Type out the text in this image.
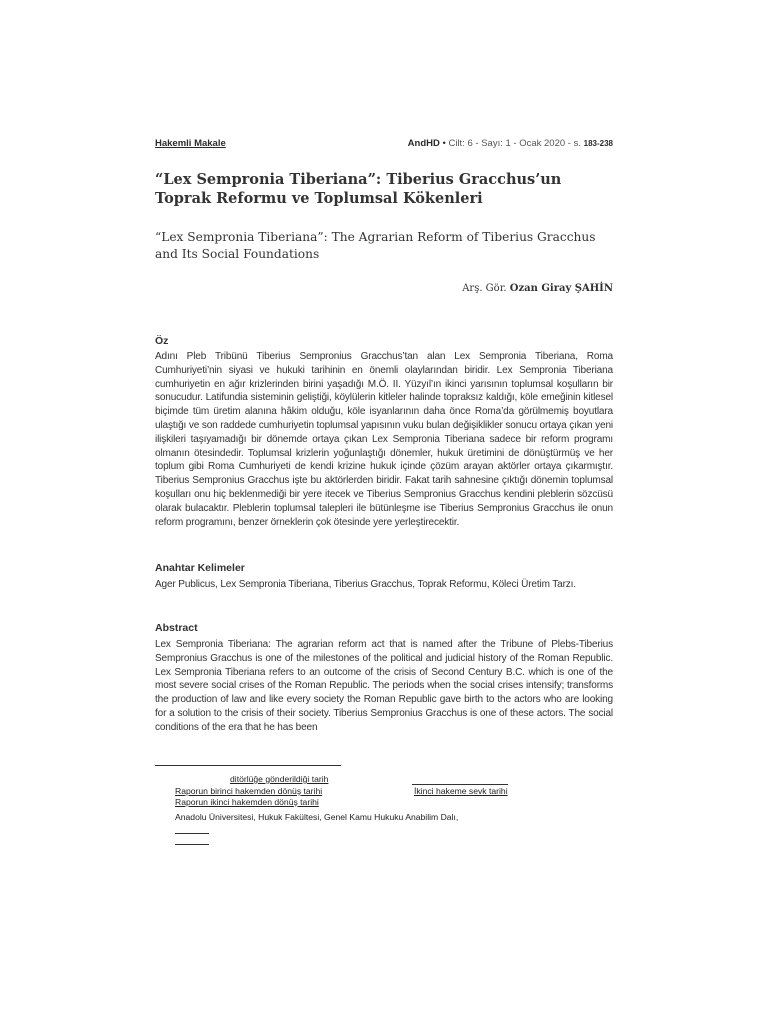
Hakemli Makale	AndHD • Cilt: 6 - Sayı: 1 - Ocak 2020 - s. 183-238
“Lex Sempronia Tiberiana”: Tiberius Gracchus’un Toprak Reformu ve Toplumsal Kökenleri
“Lex Sempronia Tiberiana”: The Agrarian Reform of Tiberius Gracchus and Its Social Foundations
Arş. Gör. Ozan Giray ŞAHİN
Öz
Adını Pleb Tribünü Tiberius Sempronius Gracchus’tan alan Lex Sempronia Tiberiana, Roma Cumhuriyeti’nin siyasi ve hukuki tarihinin en önemli olaylarından biridir. Lex Sempronia Tiberiana cumhuriyetin en ağır krizlerinden birini yaşadığı M.Ö. II. Yüzyıl’ın ikinci yarısının toplumsal koşulların bir sonucudur. Latifundia sisteminin geliştiği, köylülerin kitleler halinde topraksız kaldığı, köle emeğinin kitlesel biçimde tüm üretim alanına hâkim olduğu, köle isyanlarının daha önce Roma’da görülmemiş boyutlara ulaştığı ve son raddede cumhuriyetin toplumsal yapısının vuku bulan değişiklikler sonucu ortaya çıkan yeni ilişkileri taşıyamadığı bir dönemde ortaya çıkan Lex Sempronia Tiberiana sadece bir reform programı olmanın ötesindedir. Toplumsal krizlerin yoğunlaştığı dönemler, hukuk üretimini de dönüştürmüş ve her toplum gibi Roma Cumhuriyeti de kendi krizine hukuk içinde çözüm arayan aktörler ortaya çıkarmıştır. Tiberius Sempronius Gracchus işte bu aktörlerden biridir. Fakat tarih sahnesine çıktığı dönemin toplumsal koşulları onu hiç beklenmediği bir yere itecek ve Tiberius Sempronius Gracchus kendini pleblerin sözcüsü olarak bulacaktır. Pleblerin toplumsal talepleri ile bütünleşme ise Tiberius Sempronius Gracchus ile onun reform programını, benzer örneklerin çok ötesinde yere yerleştirecektir.
Anahtar Kelimeler
Ager Publicus, Lex Sempronia Tiberiana, Tiberius Gracchus, Toprak Reformu, Köleci Üretim Tarzı.
Abstract
Lex Sempronia Tiberiana: The agrarian reform act that is named after the Tribune of Plebs-Tiberius Sempronius Gracchus is one of the milestones of the political and judicial history of the Roman Republic. Lex Sempronia Tiberiana refers to an outcome of the crisis of Second Century B.C. which is one of the most severe social crises of the Roman Republic. The periods when the social crises intensify; transforms the production of law and like every society the Roman Republic gave birth to the actors who are looking for a solution to the crisis of their society. Tiberius Sempronius Gracchus is one of these actors. The social conditions of the era that he has been
ditörlüğe gönderildiği tarih
Raporun birinci hakemden dönüş tarihi	İkinci hakeme sevk tarihi
Raporun ikinci hakemden dönüş tarihi
Anadolu Üniversitesi, Hukuk Fakültesi, Genel Kamu Hukuku Anabilim Dalı,
